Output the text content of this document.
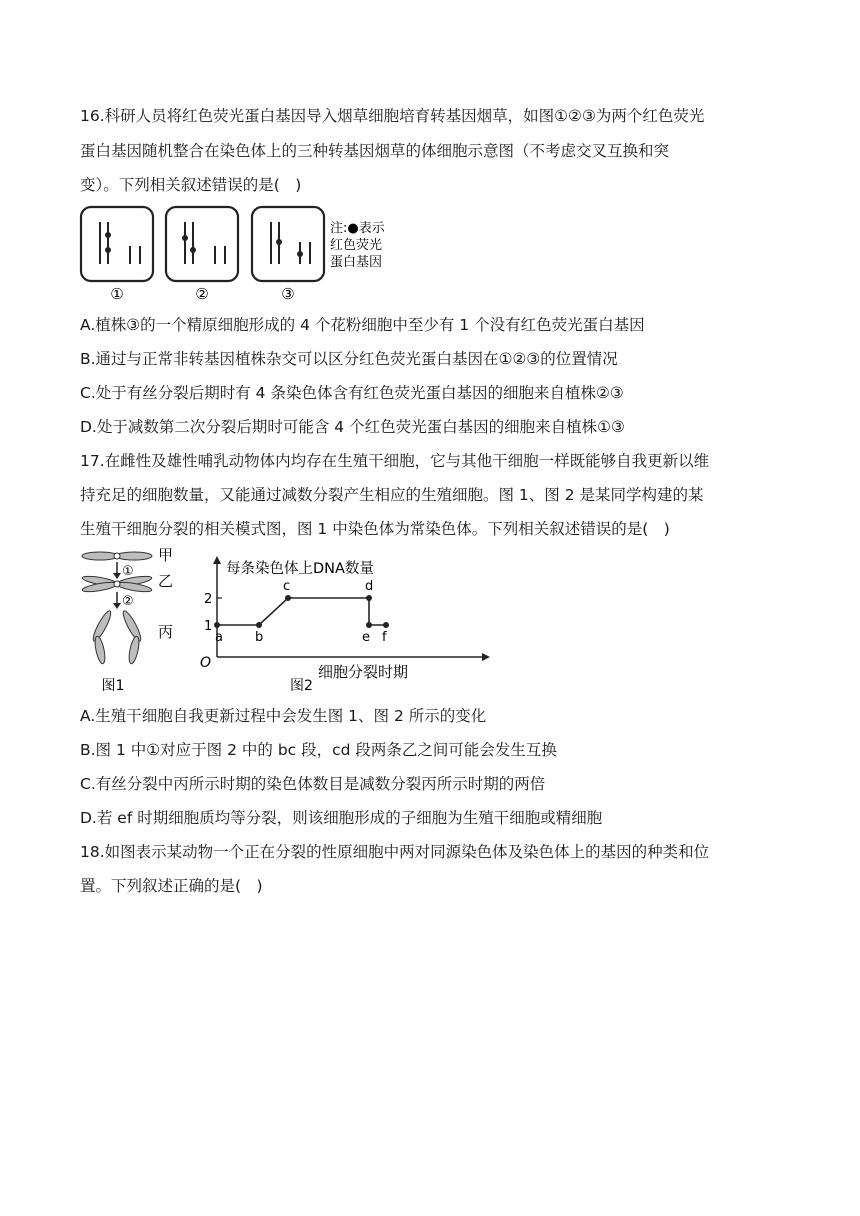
16.科研人员将红色荧光蛋白基因导入烟草细胞培育转基因烟草，如图①②③为两个红色荧光
蛋白基因随机整合在染色体上的三种转基因烟草的体细胞示意图（不考虑交叉互换和突
变）。下列相关叙述错误的是(　)
①	②	③
注:●表示
红色荧光
蛋白基因
A.植株③的一个精原细胞形成的 4 个花粉细胞中至少有 1 个没有红色荧光蛋白基因
B.通过与正常非转基因植株杂交可以区分红色荧光蛋白基因在①②③的位置情况
C.处于有丝分裂后期时有 4 条染色体含有红色荧光蛋白基因的细胞来自植株②③
D.处于减数第二次分裂后期时可能含 4 个红色荧光蛋白基因的细胞来自植株①③
17.在雌性及雄性哺乳动物体内均存在生殖干细胞，它与其他干细胞一样既能够自我更新以维
持充足的细胞数量，又能通过减数分裂产生相应的生殖细胞。图 1、图 2 是某同学构建的某
生殖干细胞分裂的相关模式图，图 1 中染色体为常染色体。下列相关叙述错误的是(　)
①
②
甲
乙
丙
图1
每条染色体上DNA数量
细胞分裂时期
O
1
2
a b
c	d
e f
图2
A.生殖干细胞自我更新过程中会发生图 1、图 2 所示的变化
B.图 1 中①对应于图 2 中的 bc 段，cd 段两条乙之间可能会发生互换
C.有丝分裂中丙所示时期的染色体数目是减数分裂丙所示时期的两倍
D.若 ef 时期细胞质均等分裂，则该细胞形成的子细胞为生殖干细胞或精细胞
18.如图表示某动物一个正在分裂的性原细胞中两对同源染色体及染色体上的基因的种类和位
置。下列叙述正确的是(　)
